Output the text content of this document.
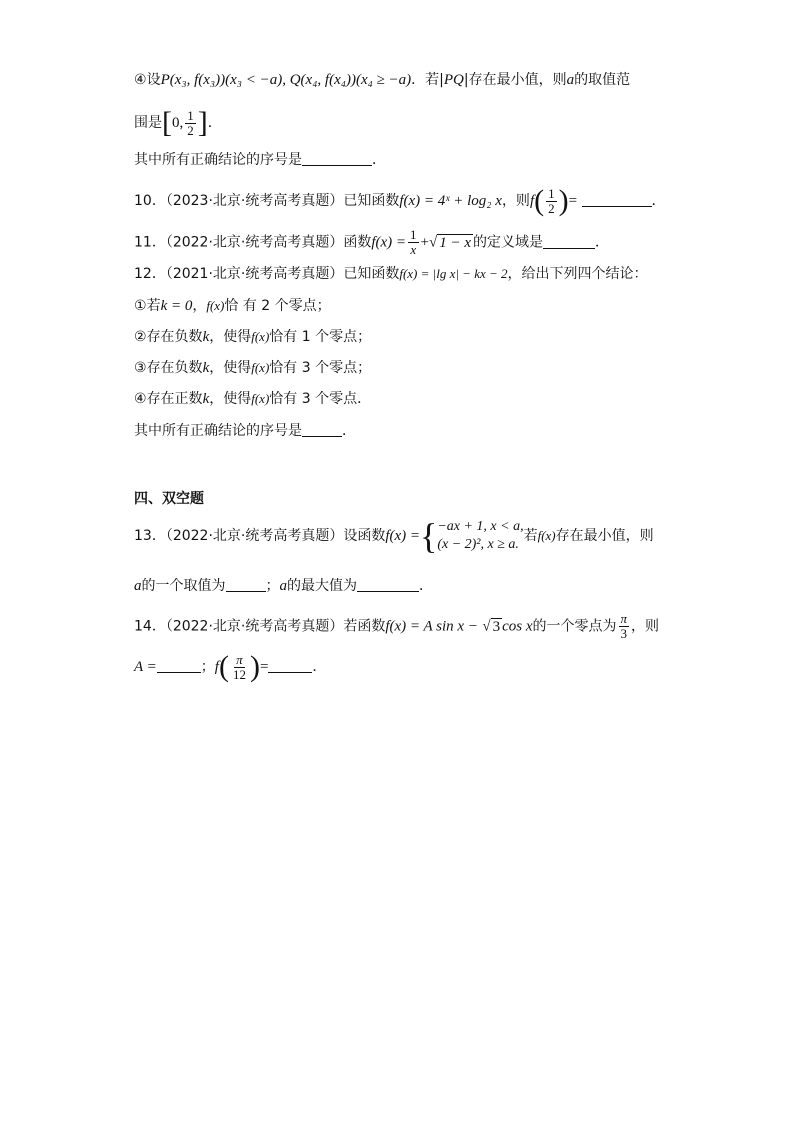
④设P(x₃, f(x₃))(x₃ < −a), Q(x₄, f(x₄))(x₄ ≥ −a)．若|PQ|存在最小值，则a的取值范
围是[0, $\frac{1}{2}$ ]．
其中所有正确结论的序号是	．
10．（2023·北京·统考高考真题）已知函数f(x) = 4ˣ + log₂ x，则$f( \frac{1}{2}$ )=	．
11．（2022·北京·统考高考真题）函数$f(x) = \frac{1}{x}$ +√ 1 − x 的定义域是	．
12．（2021·北京·统考高考真题）已知函数f(x) = |lg x| − kx − 2，给出下列四个结论：
①若k = 0，f(x)恰 有 2 个零点；
②存在负数k，使得f(x)恰有 1 个零点；
③存在负数k，使得f(x)恰有 3 个零点；
④存在正数k，使得f(x)恰有 3 个零点．
其中所有正确结论的序号是	．
四、双空题
13．（2022·北京·统考高考真题）设函数f(x) ={ −ax + 1, x < a,
(x − 2)², x ≥ a.
若f(x)存在最小值，则
a的一个取值为	；a的最大值为	．
14．（2022·北京·统考高考真题）若函数f(x) = A sin x − √ 3 cos x的一个零点为 $\frac{\pi}{3}$ ，则
A =	；$f( \frac{\pi}{12}$ )=	．
